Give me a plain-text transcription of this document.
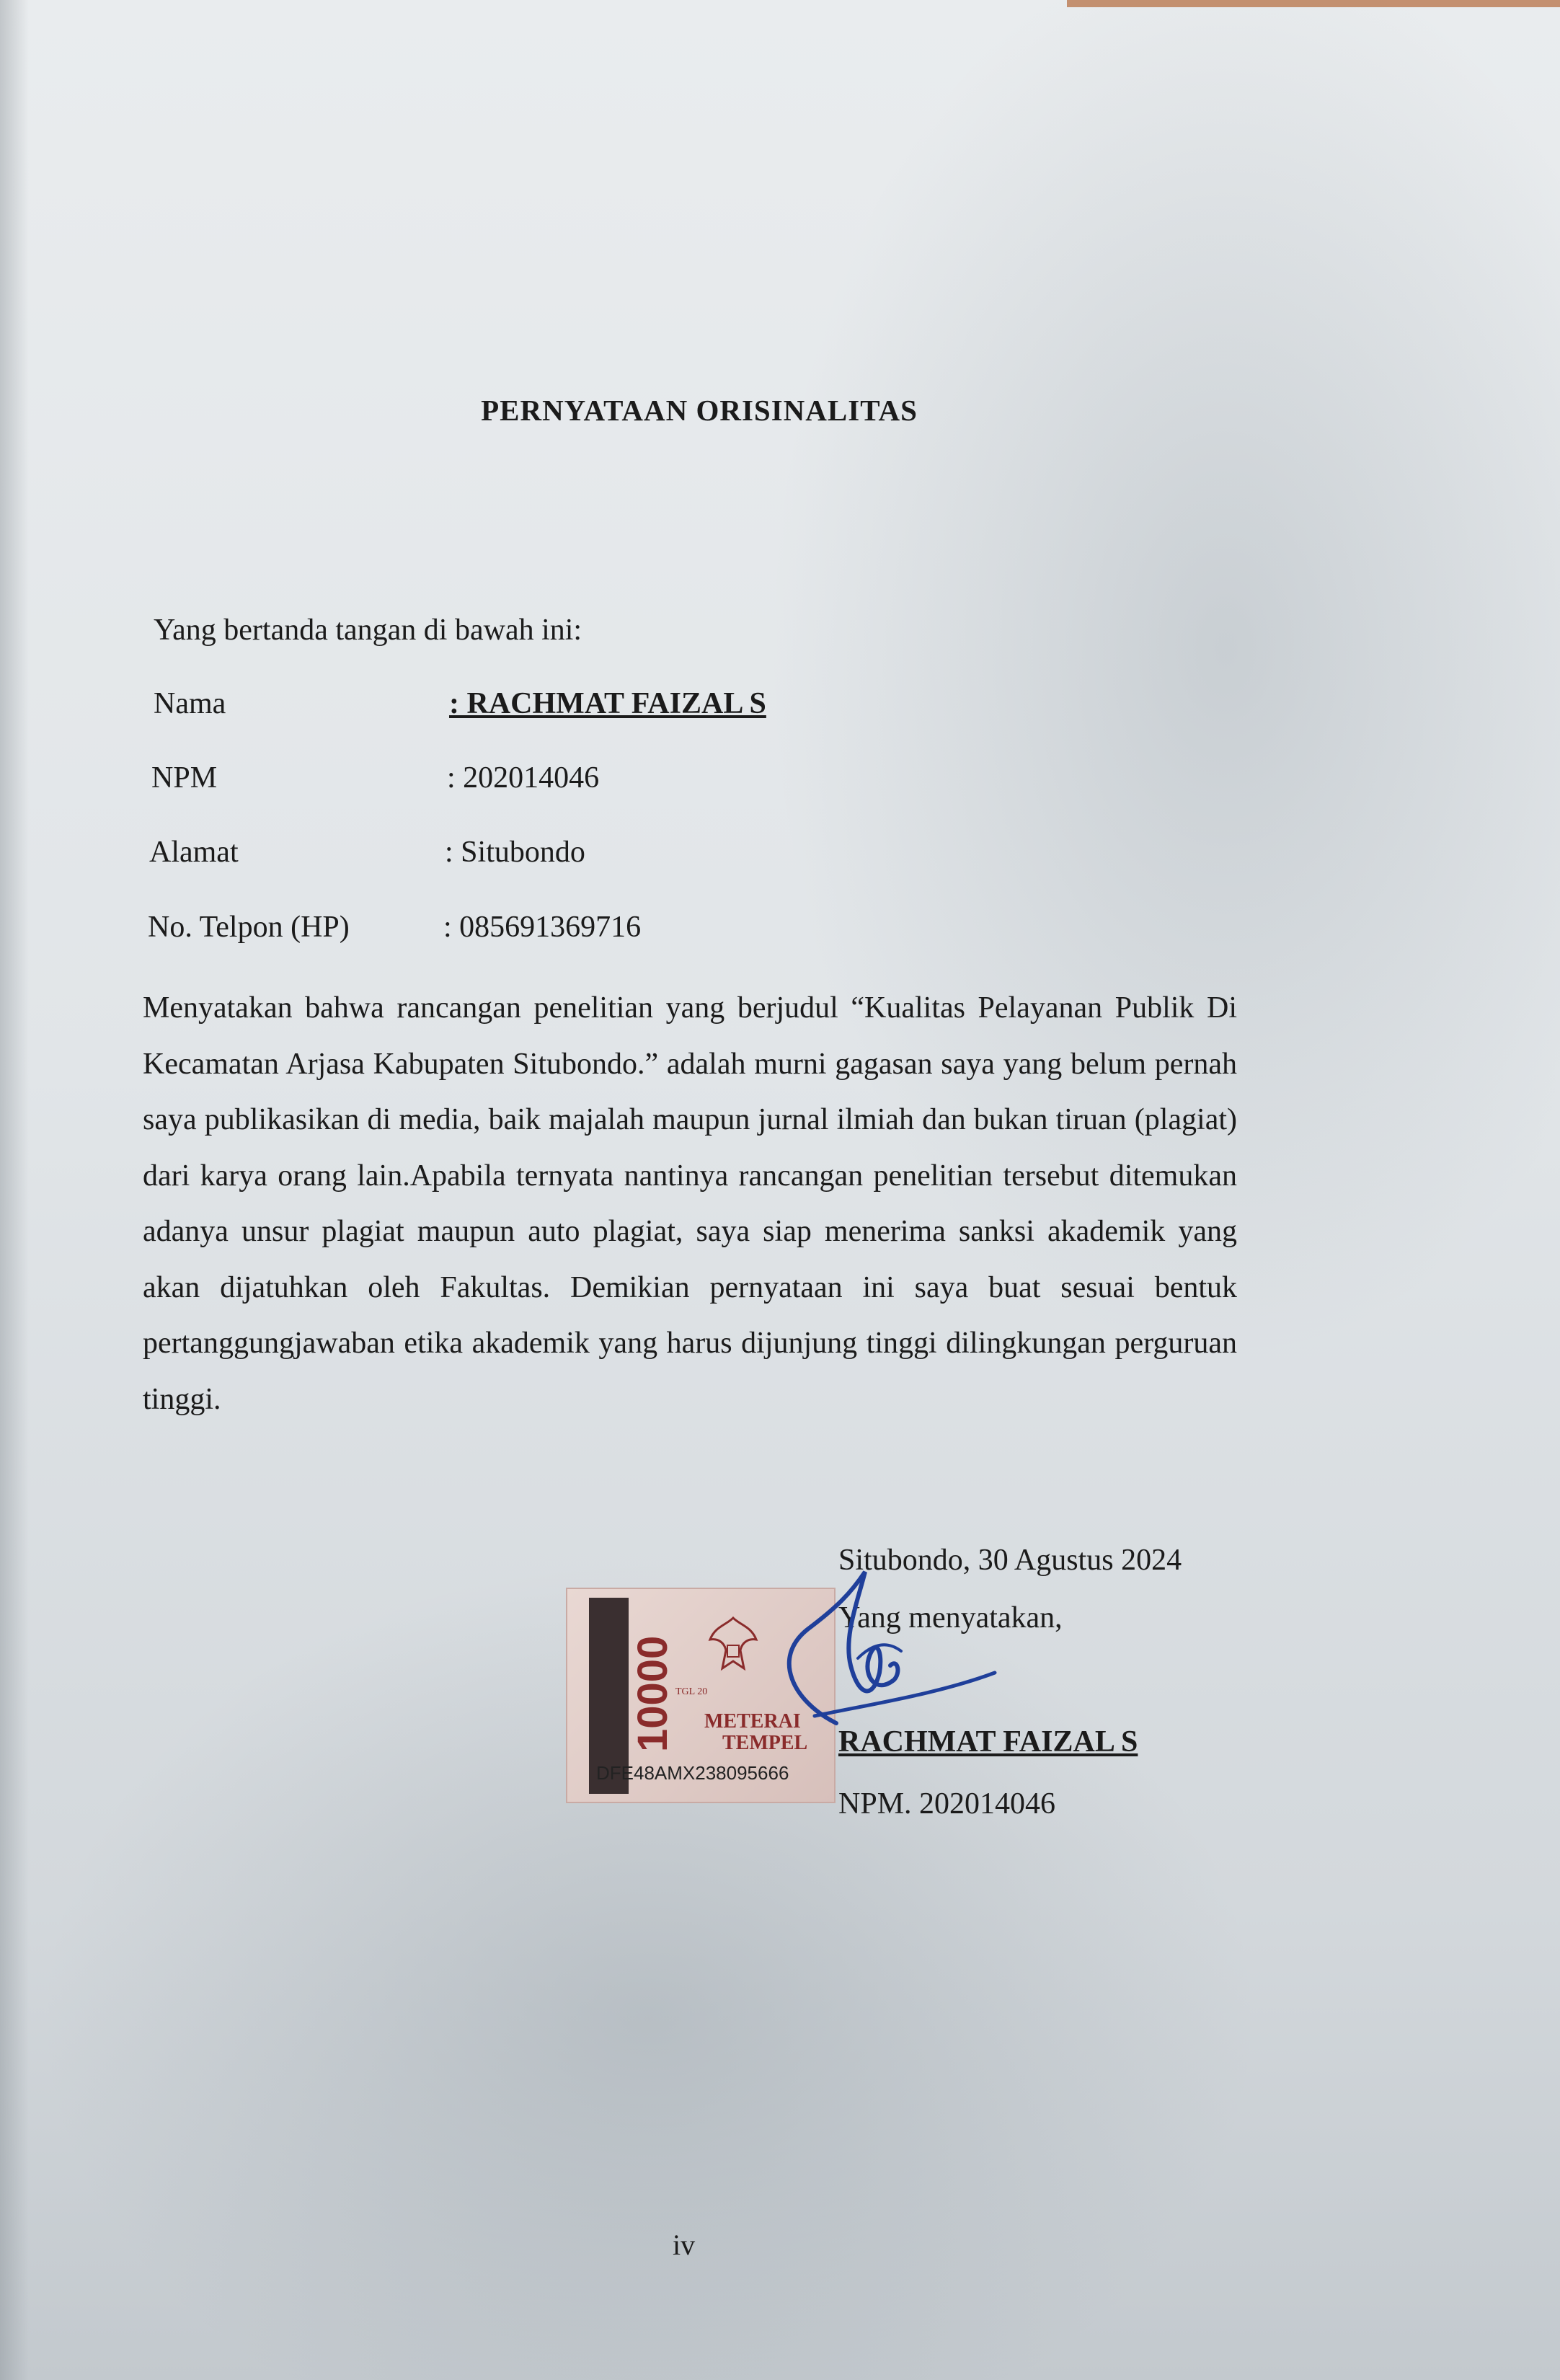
PERNYATAAN ORISINALITAS
Yang bertanda tangan di bawah ini:
Nama	: RACHMAT FAIZAL S
NPM	: 202014046
Alamat	: Situbondo
No. Telpon (HP)	: 085691369716
Menyatakan bahwa rancangan penelitian yang berjudul “Kualitas Pelayanan Publik Di Kecamatan Arjasa Kabupaten Situbondo.” adalah murni gagasan saya yang belum pernah saya publikasikan di media, baik majalah maupun jurnal ilmiah dan bukan tiruan (plagiat) dari karya orang lain.Apabila ternyata nantinya rancangan penelitian tersebut ditemukan adanya unsur plagiat maupun auto plagiat, saya siap menerima sanksi akademik yang akan dijatuhkan oleh Fakultas. Demikian pernyataan ini saya buat sesuai bentuk pertanggungjawaban etika akademik yang harus dijunjung tinggi dilingkungan perguruan tinggi.
10000 TGL 20
METERAI
TEMPEL
DFE48AMX238095666
Situbondo, 30 Agustus 2024
Yang menyatakan,
RACHMAT FAIZAL S
NPM. 202014046
iv
